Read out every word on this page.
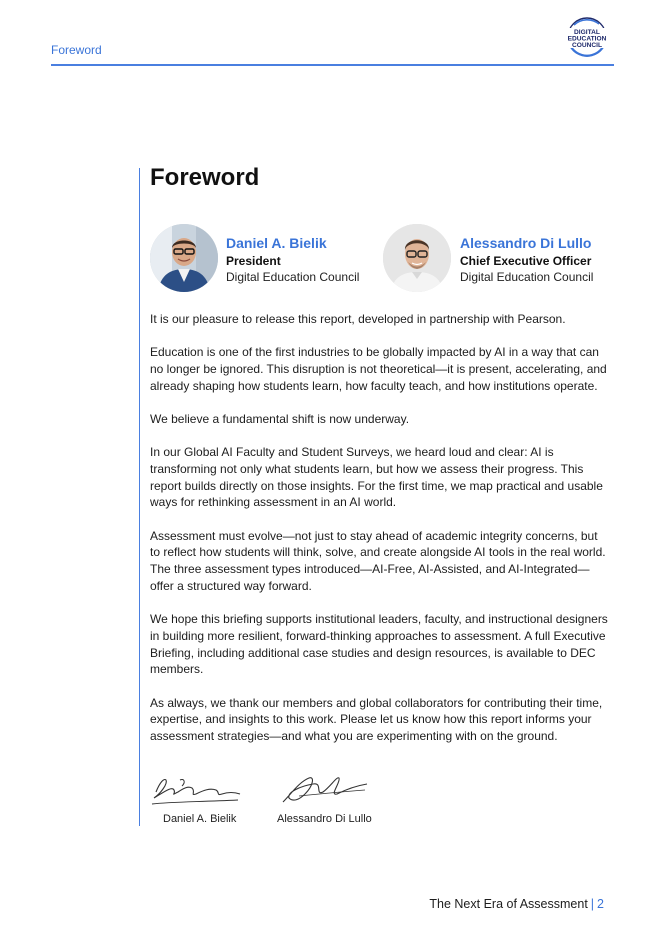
Foreword
DIGITAL
EDUCATION
COUNCIL
Foreword
Daniel A. Bielik
President
Digital Education Council
Alessandro Di Lullo
Chief Executive Officer
Digital Education Council

It is our pleasure to release this report, developed in partnership with Pearson.

Education is one of the first industries to be globally impacted by AI in a way that can no longer be ignored. This disruption is not theoretical—it is present, accelerating, and already shaping how students learn, how faculty teach, and how institutions operate.

We believe a fundamental shift is now underway.

In our Global AI Faculty and Student Surveys, we heard loud and clear: AI is transforming not only what students learn, but how we assess their progress. This report builds directly on those insights. For the first time, we map practical and usable ways for rethinking assessment in an AI world.

Assessment must evolve—not just to stay ahead of academic integrity concerns, but to reflect how students will think, solve, and create alongside AI tools in the real world. The three assessment types introduced—AI-Free, AI-Assisted, and AI-Integrated—offer a structured way forward.

We hope this briefing supports institutional leaders, faculty, and instructional designers in building more resilient, forward-thinking approaches to assessment. A full Executive Briefing, including additional case studies and design resources, is available to DEC members.

As always, we thank our members and global collaborators for contributing their time, expertise, and insights to this work. Please let us know how this report informs your assessment strategies—and what you are experimenting with on the ground.

Daniel A. Bielik	Alessandro Di Lullo
The Next Era of Assessment | 2
